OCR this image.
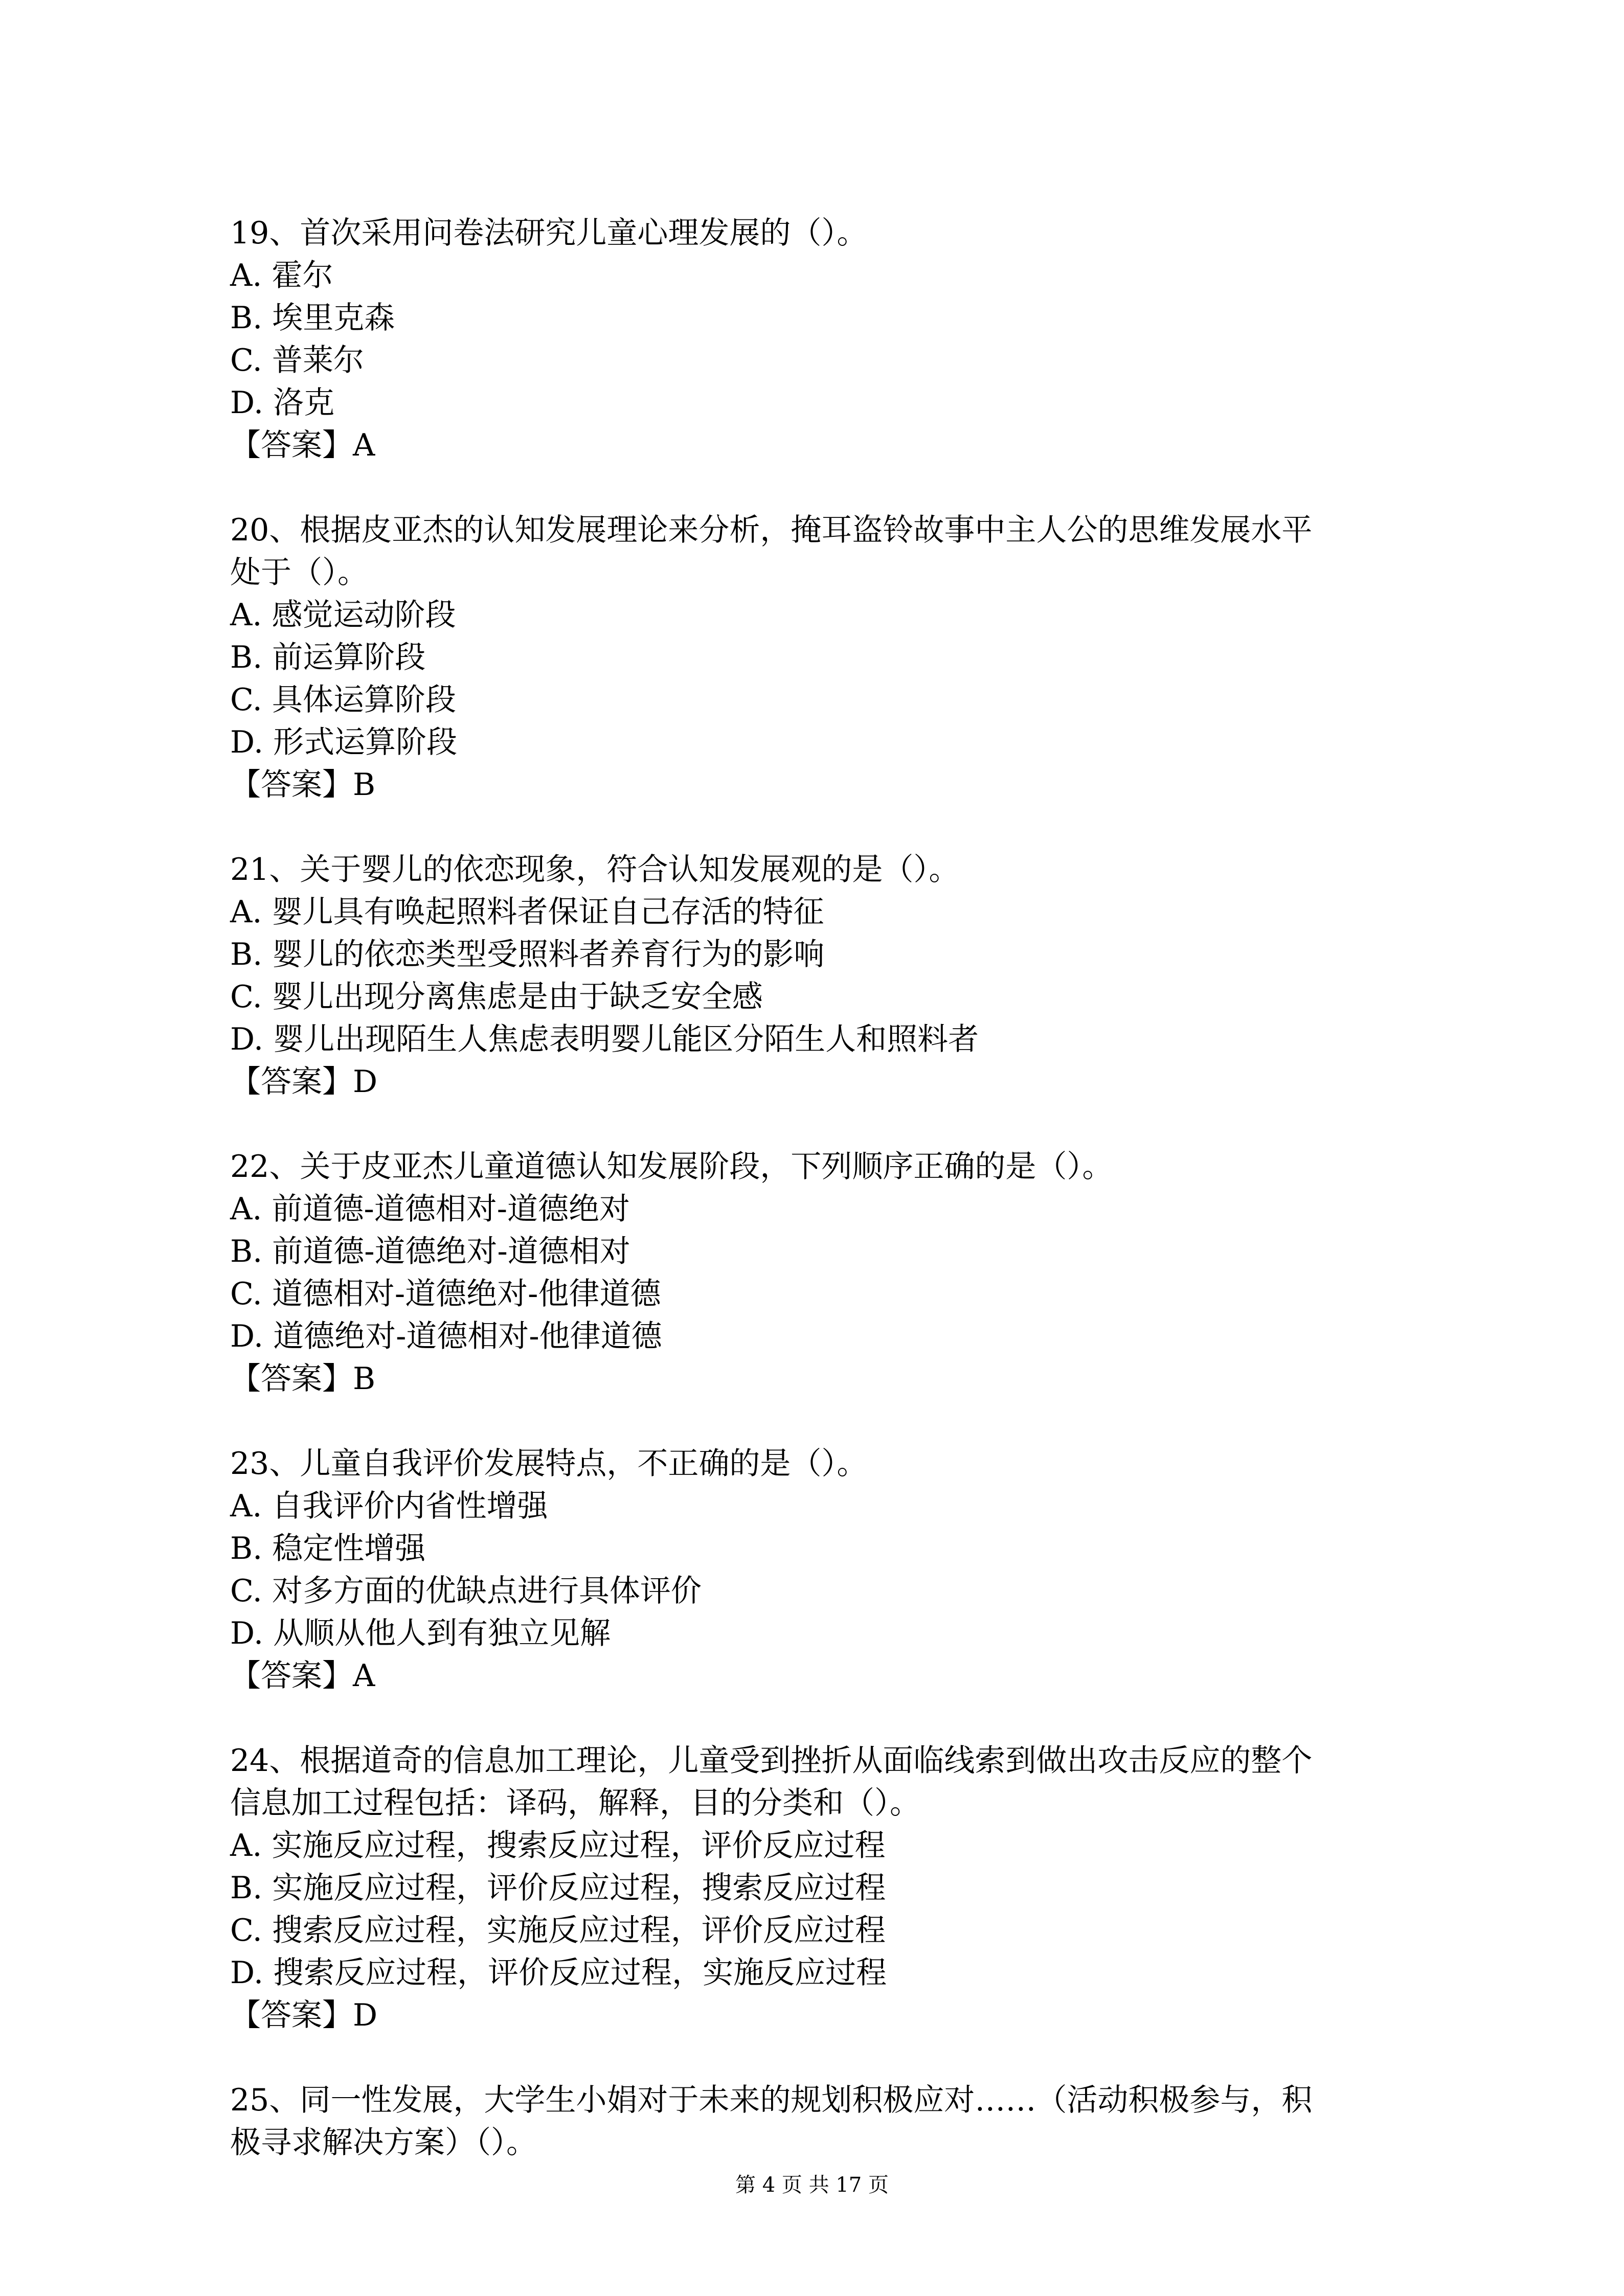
19、首次采用问卷法研究儿童心理发展的（）。
A. 霍尔
B. 埃里克森
C. 普莱尔
D. 洛克
【答案】A
20、根据皮亚杰的认知发展理论来分析，掩耳盗铃故事中主人公的思维发展水平
处于（）。
A. 感觉运动阶段
B. 前运算阶段
C. 具体运算阶段
D. 形式运算阶段
【答案】B
21、关于婴儿的依恋现象，符合认知发展观的是（）。
A. 婴儿具有唤起照料者保证自己存活的特征
B. 婴儿的依恋类型受照料者养育行为的影响
C. 婴儿出现分离焦虑是由于缺乏安全感
D. 婴儿出现陌生人焦虑表明婴儿能区分陌生人和照料者
【答案】D
22、关于皮亚杰儿童道德认知发展阶段，下列顺序正确的是（）。
A. 前道德-道德相对-道德绝对
B. 前道德-道德绝对-道德相对
C. 道德相对-道德绝对-他律道德
D. 道德绝对-道德相对-他律道德
【答案】B
23、儿童自我评价发展特点，不正确的是（）。
A. 自我评价内省性增强
B. 稳定性增强
C. 对多方面的优缺点进行具体评价
D. 从顺从他人到有独立见解
【答案】A
24、根据道奇的信息加工理论，儿童受到挫折从面临线索到做出攻击反应的整个
信息加工过程包括：译码，解释，目的分类和（）。
A. 实施反应过程，搜索反应过程，评价反应过程
B. 实施反应过程，评价反应过程，搜索反应过程
C. 搜索反应过程，实施反应过程，评价反应过程
D. 搜索反应过程，评价反应过程，实施反应过程
【答案】D
25、同一性发展，大学生小娟对于未来的规划积极应对……（活动积极参与，积
极寻求解决方案）（）。
第 4 页 共 17 页
